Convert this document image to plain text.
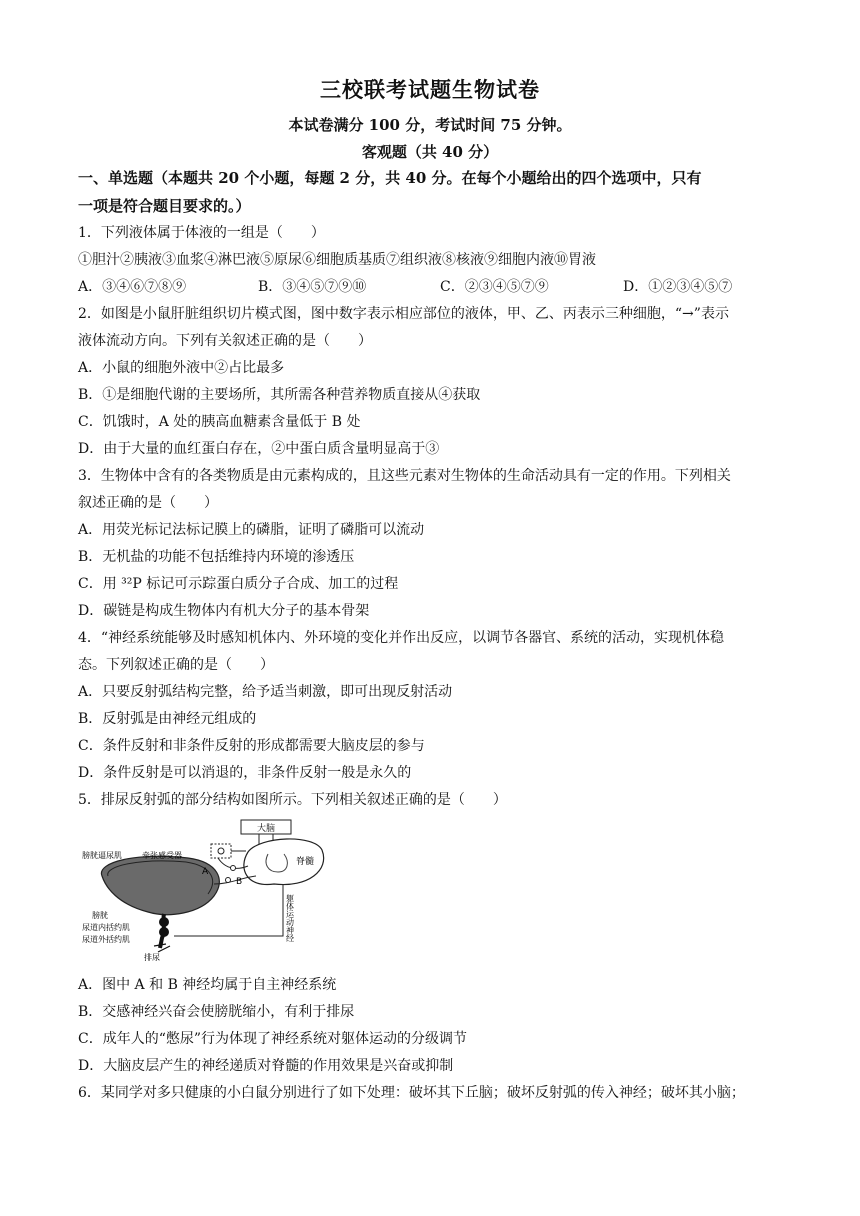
三校联考试题生物试卷
本试卷满分 100 分，考试时间 75 分钟。
客观题（共 40 分）
一、单选题（本题共 20 个小题，每题 2 分，共 40 分。在每个小题给出的四个选项中，只有
一项是符合题目要求的。）
1．下列液体属于体液的一组是（　　）
①胆汁②胰液③血浆④淋巴液⑤原尿⑥细胞质基质⑦组织液⑧核液⑨细胞内液⑩胃液
A．③④⑥⑦⑧⑨	B．③④⑤⑦⑨⑩	C．②③④⑤⑦⑨	D．①②③④⑤⑦
2．如图是小鼠肝脏组织切片模式图，图中数字表示相应部位的液体，甲、乙、丙表示三种细胞，“→”表示
液体流动方向。下列有关叙述正确的是（　　）
A．小鼠的细胞外液中②占比最多
B．①是细胞代谢的主要场所，其所需各种营养物质直接从④获取
C．饥饿时，A 处的胰高血糖素含量低于 B 处
D．由于大量的血红蛋白存在，②中蛋白质含量明显高于③
3．生物体中含有的各类物质是由元素构成的，且这些元素对生物体的生命活动具有一定的作用。下列相关
叙述正确的是（　　）
A．用荧光标记法标记膜上的磷脂，证明了磷脂可以流动
B．无机盐的功能不包括维持内环境的渗透压
C．用 ³²P 标记可示踪蛋白质分子合成、加工的过程
D．碳链是构成生物体内有机大分子的基本骨架
4．“神经系统能够及时感知机体内、外环境的变化并作出反应，以调节各器官、系统的活动，实现机体稳
态。下列叙述正确的是（　　）
A．只要反射弧结构完整，给予适当刺激，即可出现反射活动
B．反射弧是由神经元组成的
C．条件反射和非条件反射的形成都需要大脑皮层的参与
D．条件反射是可以消退的，非条件反射一般是永久的
5．排尿反射弧的部分结构如图所示。下列相关叙述正确的是（　　）
大脑
脊髓
膀胱逼尿肌	牵张感受器
A
B
膀胱
尿道内括约肌
尿道外括约肌
排尿
躯体运动神经
A．图中 A 和 B 神经均属于自主神经系统
B．交感神经兴奋会使膀胱缩小，有利于排尿
C．成年人的“憋尿”行为体现了神经系统对躯体运动的分级调节
D．大脑皮层产生的神经递质对脊髓的作用效果是兴奋或抑制
6．某同学对多只健康的小白鼠分别进行了如下处理：破坏其下丘脑；破坏反射弧的传入神经；破坏其小脑；
